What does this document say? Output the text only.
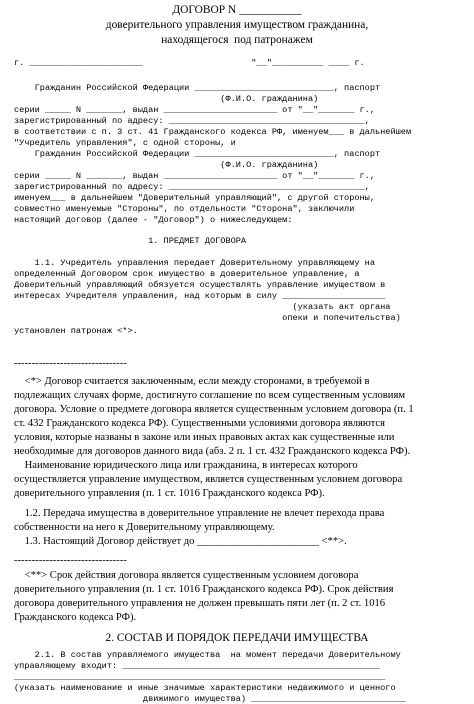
ДОГОВОР N ___________
доверительного управления имуществом гражданина,
находящегося  под патронажем
г. ______________________                     "__"__________ ____ г.
Гражданин Российской Федерации ___________________________, паспорт
(Ф.И.О. гражданина)
серии _____ N _______, выдан ______________________ от "__"_______ г.,
зарегистрированный по адресу: ______________________________________,
в соответствии с п. 3 ст. 41 Гражданского кодекса РФ, именуем___ в дальнейшем
"Учредитель управления", с одной стороны, и
Гражданин Российской Федерации ___________________________, паспорт
(Ф.И.О. гражданина)
серии _____ N _______, выдан ______________________ от "__"_______ г.,
зарегистрированный по адресу: ______________________________________,
именуем___ в дальнейшем "Доверительный управляющий", с другой стороны,
совместно именуемые "Стороны", по отдельности "Сторона", заключили
настоящий договор (далее - "Договор") о нижеследующем:
1. ПРЕДМЕТ ДОГОВОРА
1.1. Учредитель управления передает Доверительному управляющему на
определенный Договором срок имущество в доверительное управление, а
Доверительный управляющий обязуется осуществлять управление имуществом в
интересах Учредителя управления, над которым в силу ____________________
(указать акт органа
опеки и попечительства)
установлен патронаж <*>.
--------------------------------
<*> Договор считается заключенным, если между сторонами, в требуемой в
подлежащих случаях форме, достигнуто соглашение по всем существенным условиям
договора. Условие о предмете договора является существенным условием договора (п. 1
ст. 432 Гражданского кодекса РФ). Существенными условиями договора являются
условия, которые названы в законе или иных правовых актах как существенные или
необходимые для договоров данного вида (абз. 2 п. 1 ст. 432 Гражданского кодекса РФ).
Наименование юридического лица или гражданина, в интересах которого
осуществляется управление имуществом, является существенным условием договора
доверительного управления (п. 1 ст. 1016 Гражданского кодекса РФ).
1.2. Передача имущества в доверительное управление не влечет перехода права
собственности на него к Доверительному управляющему.
1.3. Настоящий Договор действует до _______________________ <**>.
--------------------------------
<**> Срок действия договора является существенным условием договора
доверительного управления (п. 1 ст. 1016 Гражданского кодекса РФ). Срок действия
договора доверительного управления не должен превышать пяти лет (п. 2 ст. 1016
Гражданского кодекса РФ).
2. СОСТАВ И ПОРЯДОК ПЕРЕДАЧИ ИМУЩЕСТВА
2.1. В состав управляемого имущества  на момент передачи Доверительному
управляющему входит: __________________________________________________
________________________________________________________________________
(указать наименование и иные значимые характеристики недвижимого и ценного
движимого имущества) ______________________________
